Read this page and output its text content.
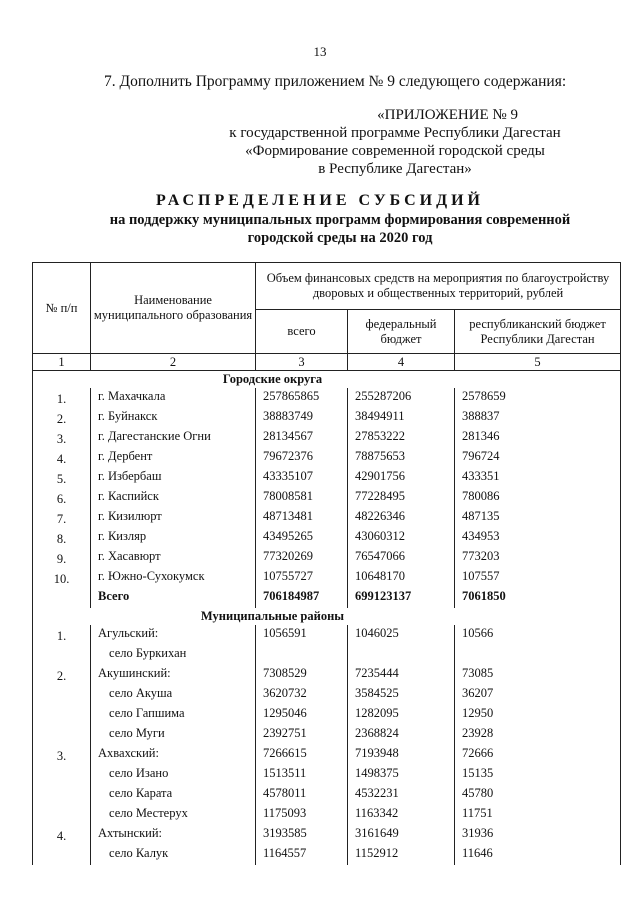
13
7. Дополнить Программу приложением № 9 следующего содержания:
«ПРИЛОЖЕНИЕ № 9
к государственной программе Республики Дагестан
«Формирование современной городской среды
в Республике Дагестан»
РАСПРЕДЕЛЕНИЕ СУБСИДИЙ
на поддержку муниципальных программ формирования современной
городской среды на 2020 год
№ п/п	Наименование муниципального образования	Объем финансовых средств на мероприятия по благоустройству дворовых и общественных территорий, рублей		
		всего	федеральный бюджет	республиканский бюджет Республики Дагестан
1	2	3	4	5
	Городские округа			
1.	г. Махачкала	257865865	255287206	2578659
2.	г. Буйнакск	38883749	38494911	388837
3.	г. Дагестанские Огни	28134567	27853222	281346
4.	г. Дербент	79672376	78875653	796724
5.	г. Избербаш	43335107	42901756	433351
6.	г. Каспийск	78008581	77228495	780086
7.	г. Кизилюрт	48713481	48226346	487135
8.	г. Кизляр	43495265	43060312	434953
9.	г. Хасавюрт	77320269	76547066	773203
10.	г. Южно-Сухокумск	10755727	10648170	107557
	Всего	706184987	699123137	7061850
	Муниципальные районы			
1.	Агульский:	1056591	1046025	10566
	село Буркихан			
2.	Акушинский:	7308529	7235444	73085
	село Акуша	3620732	3584525	36207
	село Гапшима	1295046	1282095	12950
	село Муги	2392751	2368824	23928
3.	Ахвахский:	7266615	7193948	72666
	село Изано	1513511	1498375	15135
	село Карата	4578011	4532231	45780
	село Местерух	1175093	1163342	11751
4.	Ахтынский:	3193585	3161649	31936
	село Калук	1164557	1152912	11646
